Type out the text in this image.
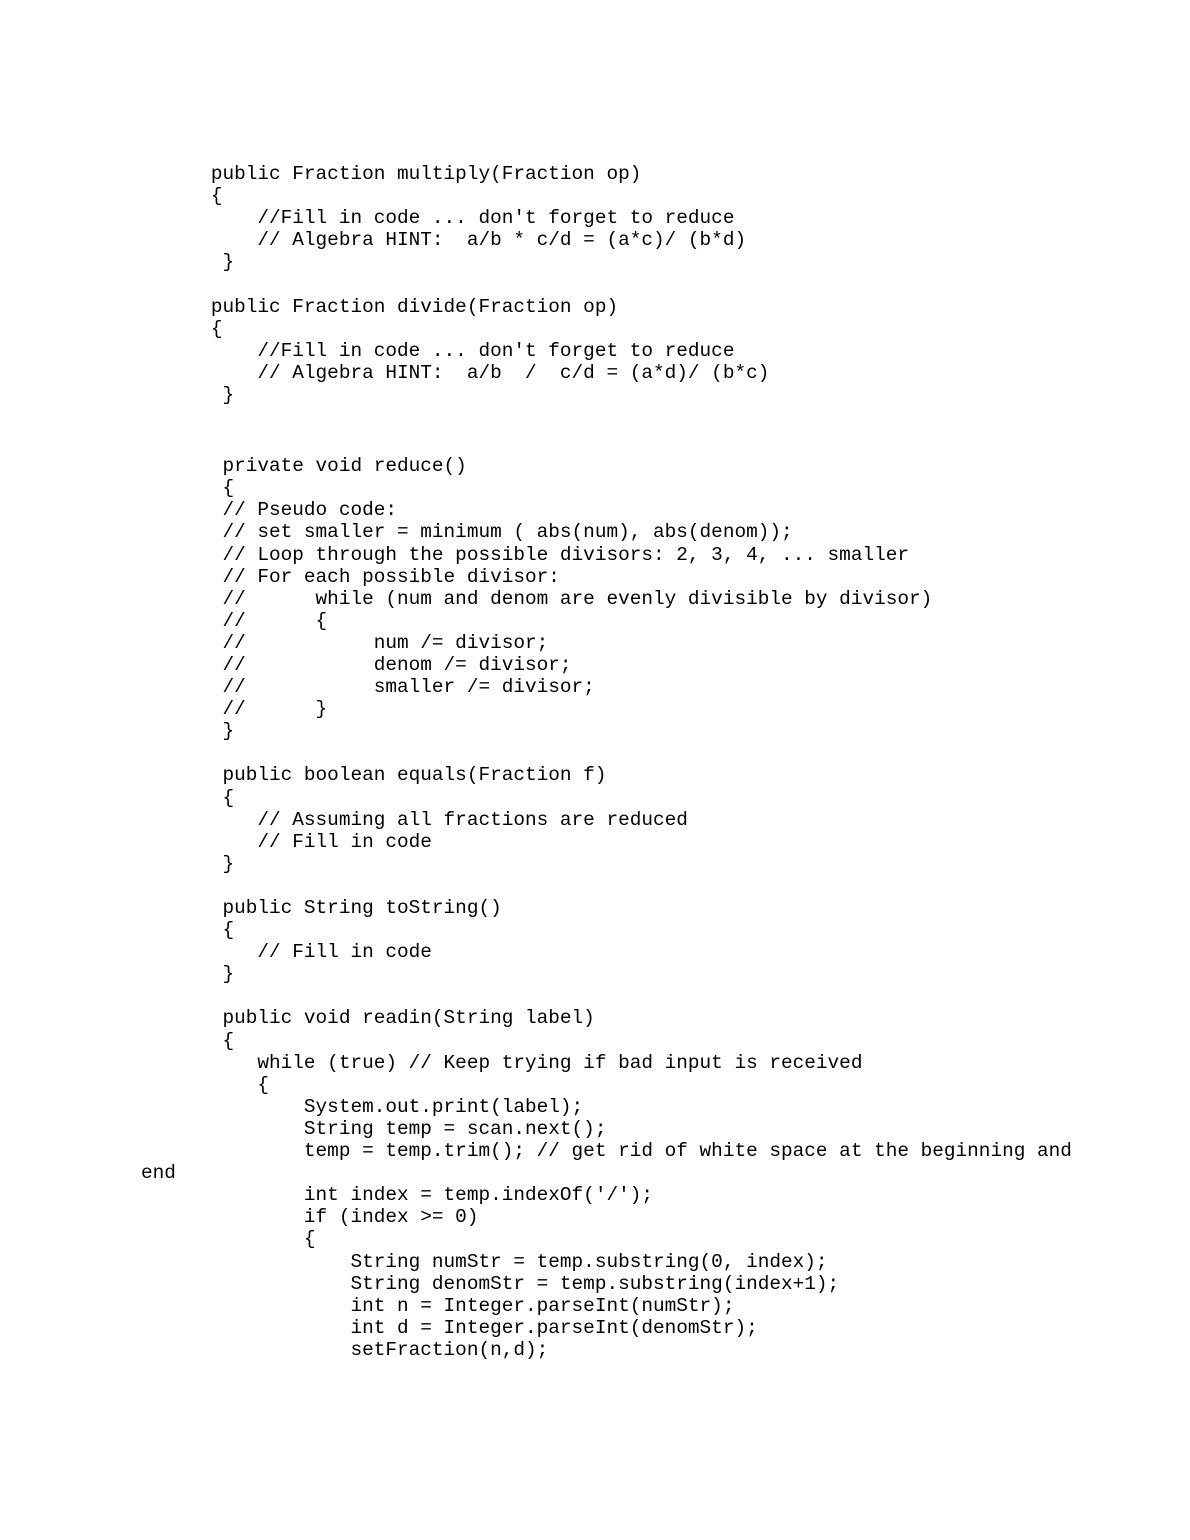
public Fraction multiply(Fraction op)
{
//Fill in code ... don't forget to reduce
// Algebra HINT:  a/b * c/d = (a*c)/ (b*d)
}
public Fraction divide(Fraction op)
{
//Fill in code ... don't forget to reduce
// Algebra HINT:  a/b  /  c/d = (a*d)/ (b*c)
}
private void reduce()
{
// Pseudo code:
// set smaller = minimum ( abs(num), abs(denom));
// Loop through the possible divisors: 2, 3, 4, ... smaller
// For each possible divisor:
//      while (num and denom are evenly divisible by divisor)
//      {
//           num /= divisor;
//           denom /= divisor;
//           smaller /= divisor;
//      }
}
public boolean equals(Fraction f)
{
// Assuming all fractions are reduced
// Fill in code
}
public String toString()
{
// Fill in code
}
public void readin(String label)
{
while (true) // Keep trying if bad input is received
{
System.out.print(label);
String temp = scan.next();
temp = temp.trim(); // get rid of white space at the beginning and
end
int index = temp.indexOf('/');
if (index >= 0)
{
String numStr = temp.substring(0, index);
String denomStr = temp.substring(index+1);
int n = Integer.parseInt(numStr);
int d = Integer.parseInt(denomStr);
setFraction(n,d);
